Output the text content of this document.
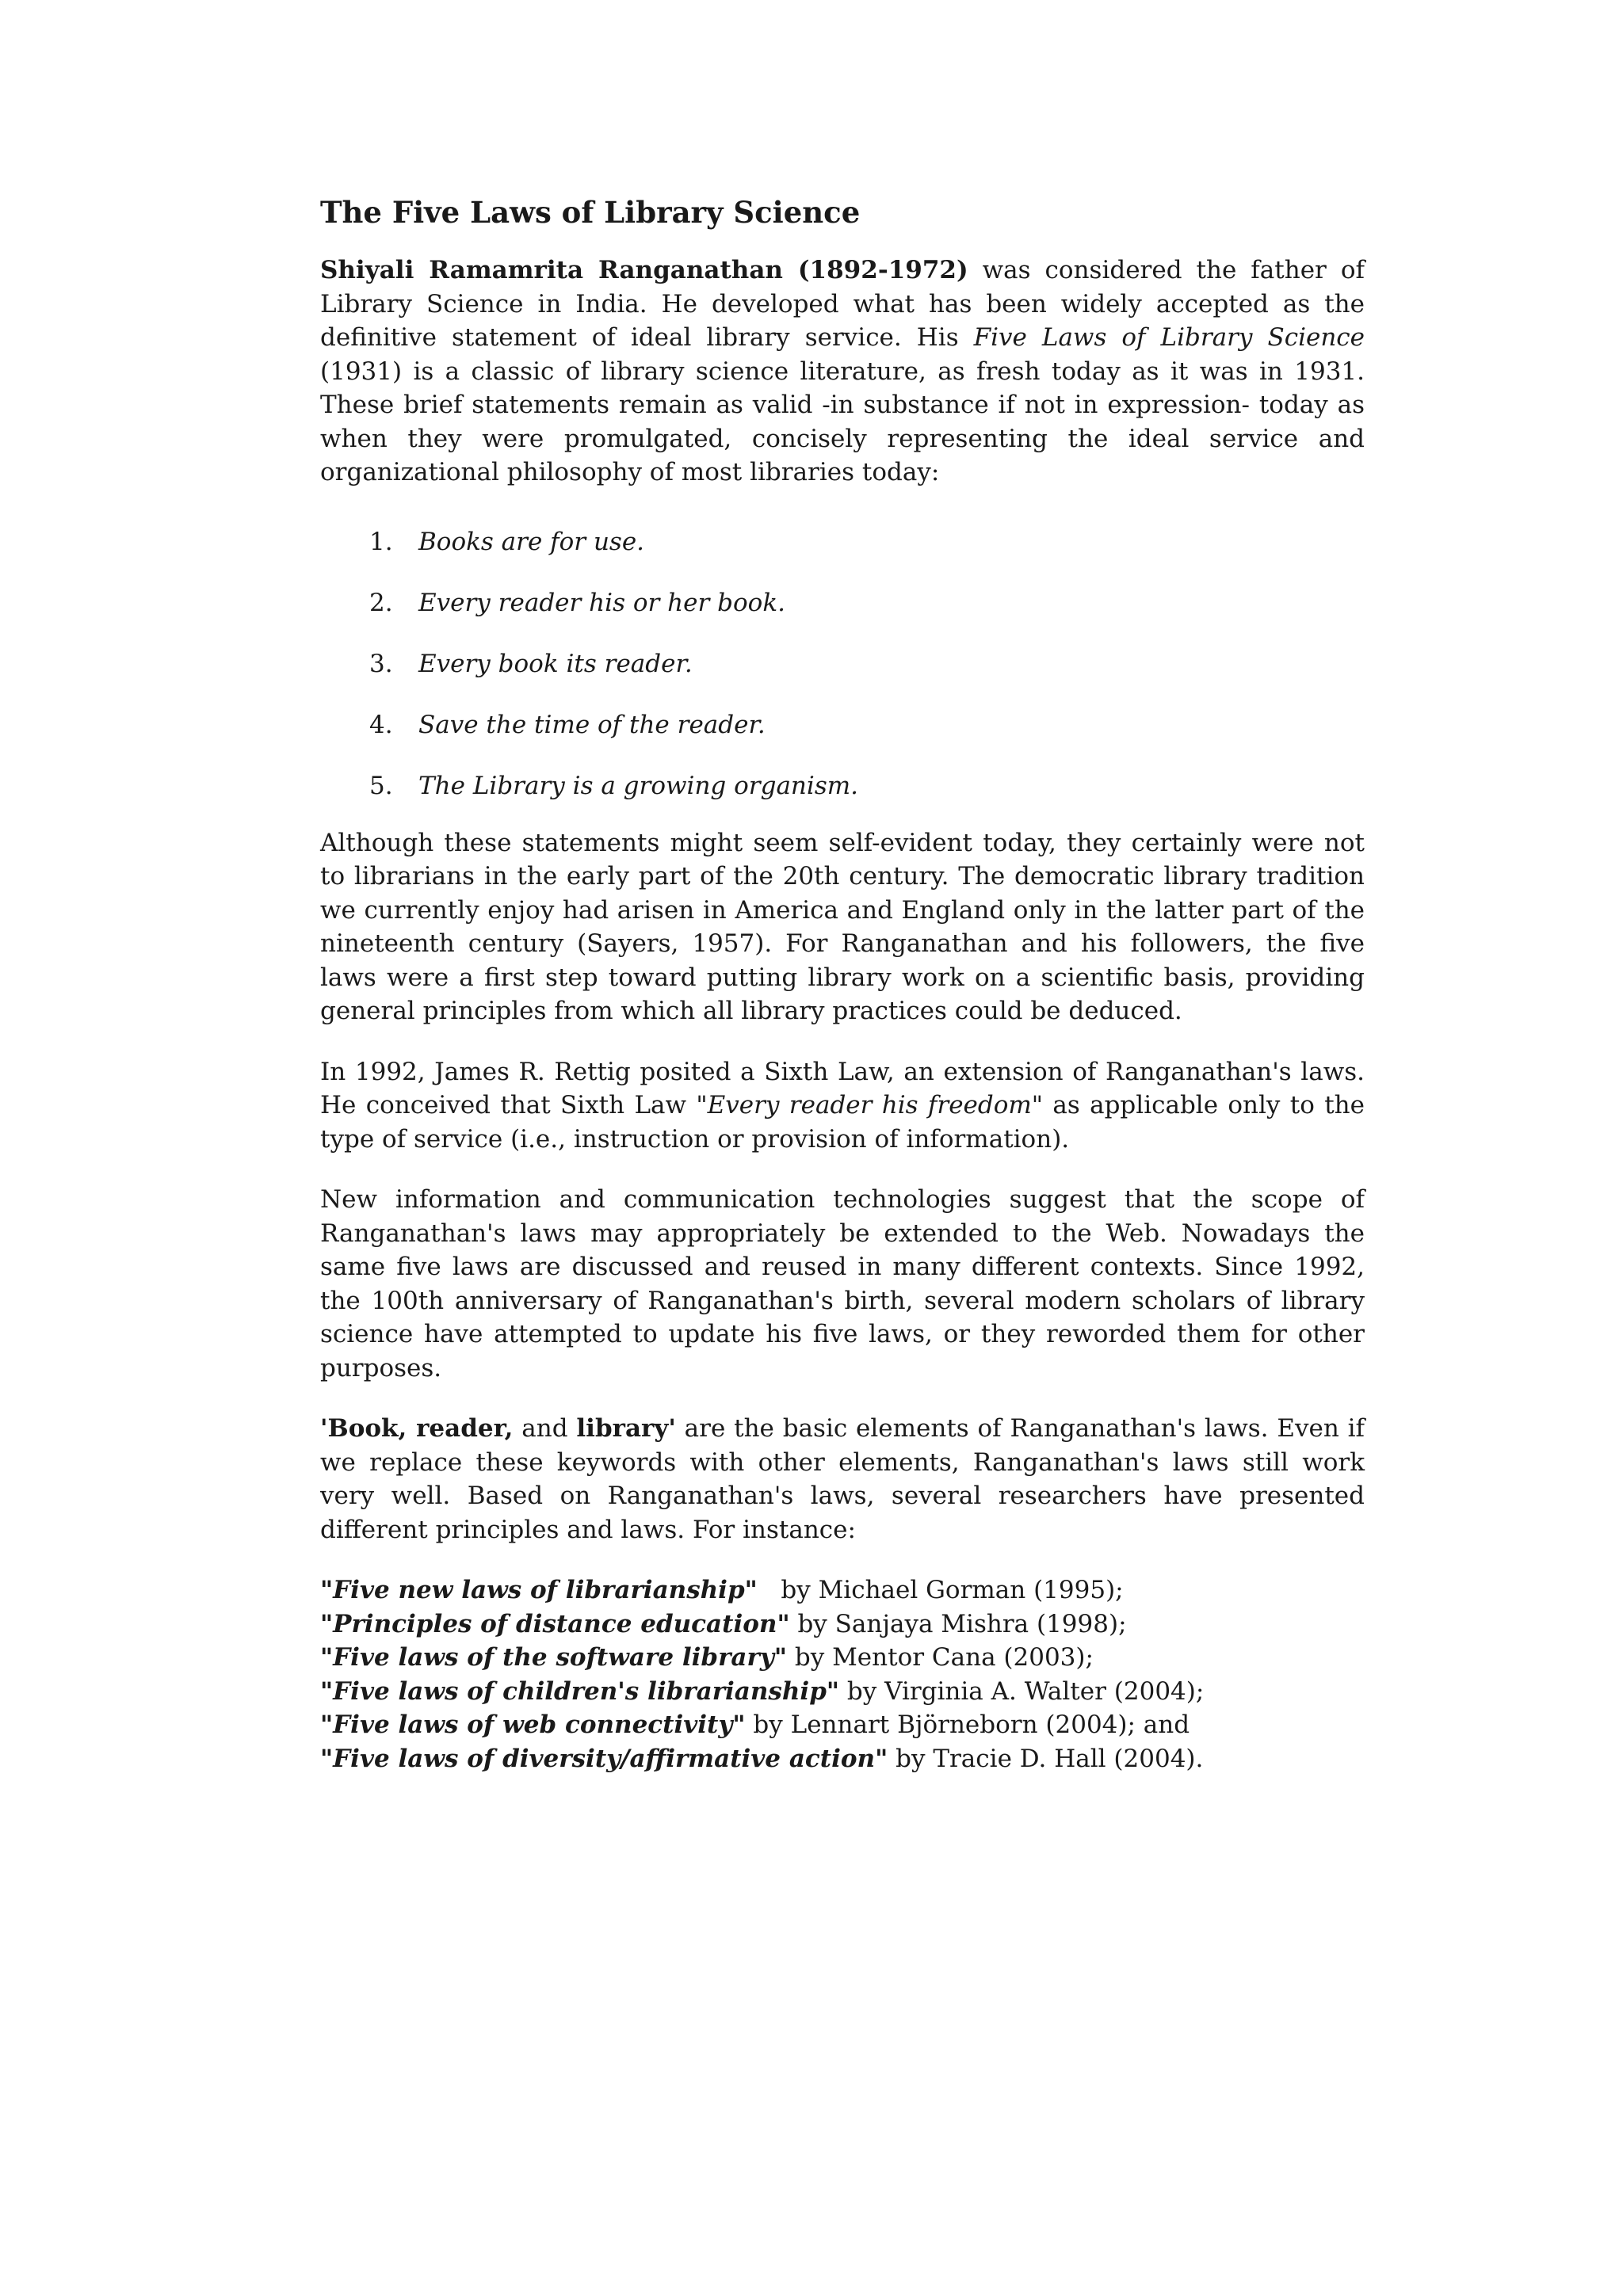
The Five Laws of Library Science

Shiyali Ramamrita Ranganathan (1892-1972) was considered the father of Library Science in India. He developed what has been widely accepted as the definitive statement of ideal library service. His Five Laws of Library Science (1931) is a classic of library science literature, as fresh today as it was in 1931. These brief statements remain as valid -in substance if not in expression- today as when they were promulgated, concisely representing the ideal service and organizational philosophy of most libraries today:

1.	Books are for use.
2.	Every reader his or her book.
3.	Every book its reader.
4.	Save the time of the reader.
5.	The Library is a growing organism.

Although these statements might seem self-evident today, they certainly were not to librarians in the early part of the 20th century. The democratic library tradition we currently enjoy had arisen in America and England only in the latter part of the nineteenth century (Sayers, 1957). For Ranganathan and his followers, the five laws were a first step toward putting library work on a scientific basis, providing general principles from which all library practices could be deduced.

In 1992, James R. Rettig posited a Sixth Law, an extension of Ranganathan's laws. He conceived that Sixth Law "Every reader his freedom" as applicable only to the type of service (i.e., instruction or provision of information).

New information and communication technologies suggest that the scope of Ranganathan's laws may appropriately be extended to the Web. Nowadays the same five laws are discussed and reused in many different contexts. Since 1992, the 100th anniversary of Ranganathan's birth, several modern scholars of library science have attempted to update his five laws, or they reworded them for other purposes.

'Book, reader, and library' are the basic elements of Ranganathan's laws. Even if we replace these keywords with other elements, Ranganathan's laws still work very well. Based on Ranganathan's laws, several researchers have presented different principles and laws. For instance:

"Five new laws of librarianship"   by Michael Gorman (1995);
"Principles of distance education" by Sanjaya Mishra (1998);
"Five laws of the software library" by Mentor Cana (2003);
"Five laws of children's librarianship" by Virginia A. Walter (2004);
"Five laws of web connectivity" by Lennart Björneborn (2004); and
"Five laws of diversity/affirmative action" by Tracie D. Hall (2004).
